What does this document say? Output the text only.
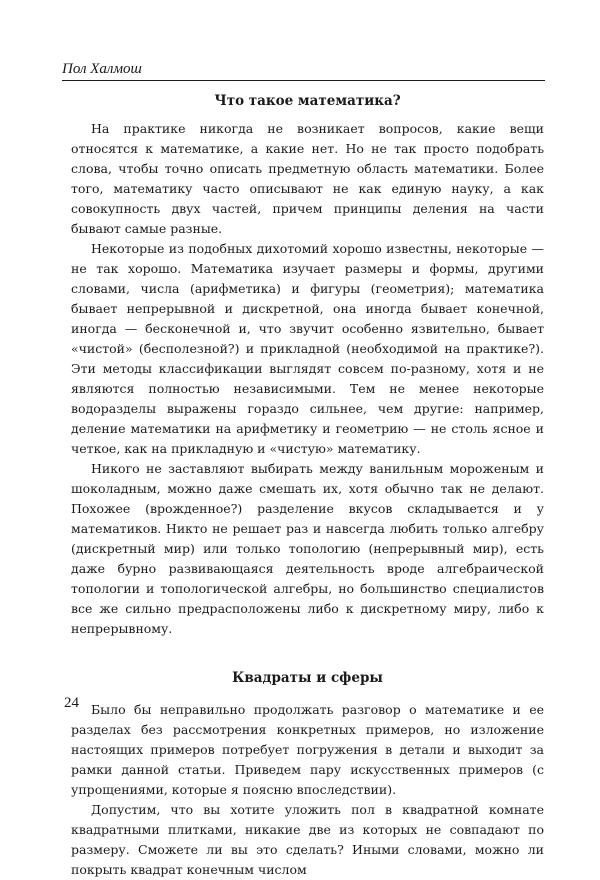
Пол Халмош
Что такое математика?

На практике никогда не возникает вопросов, какие вещи относятся к математике, а какие нет. Но не так просто подобрать слова, чтобы точно описать предметную область математики. Более того, математику часто описывают не как единую науку, а как совокупность двух частей, причем принципы деления на части бывают самые разные.

Некоторые из подобных дихотомий хорошо известны, некоторые — не так хорошо. Математика изучает размеры и формы, другими словами, числа (арифметика) и фигуры (геометрия); математика бывает непрерывной и дискретной, она иногда бывает конечной, иногда — бесконечной и, что звучит особенно язвительно, бывает «чистой» (бесполезной?) и прикладной (необходимой на практике?). Эти методы классификации выглядят совсем по-разному, хотя и не являются полностью независимыми. Тем не менее некоторые водоразделы выражены гораздо сильнее, чем другие: например, деление математики на арифметику и геометрию — не столь ясное и четкое, как на прикладную и «чистую» математику.

Никого не заставляют выбирать между ванильным мороженым и шоколадным, можно даже смешать их, хотя обычно так не делают. Похожее (врожденное?) разделение вкусов складывается и у математиков. Никто не решает раз и навсегда любить только алгебру (дискретный мир) или только топологию (непрерывный мир), есть даже бурно развивающаяся деятельность вроде алгебраической топологии и топологической алгебры, но большинство специалистов все же сильно предрасположены либо к дискретному миру, либо к непрерывному.

Квадраты и сферы

Было бы неправильно продолжать разговор о математике и ее разделах без рассмотрения конкретных примеров, но изложение настоящих примеров потребует погружения в детали и выходит за рамки данной статьи. Приведем пару искусственных примеров (с упрощениями, которые я поясню впоследствии).

Допустим, что вы хотите уложить пол в квадратной комнате квадратными плитками, никакие две из которых не совпадают по размеру. Сможете ли вы это сделать? Иными словами, можно ли покрыть квадрат конечным числом

24
